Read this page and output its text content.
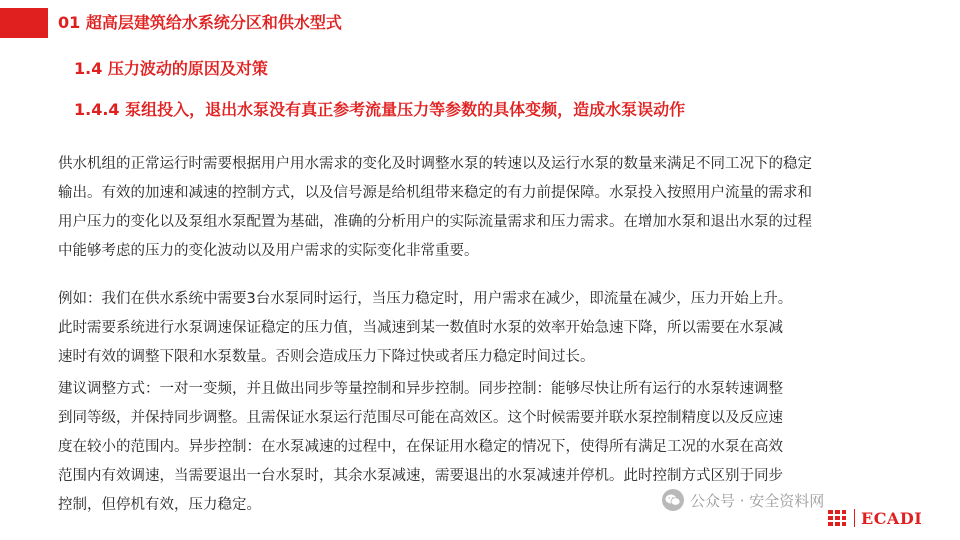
01 超高层建筑给水系统分区和供水型式
1.4 压力波动的原因及对策
1.4.4 泵组投入，退出水泵没有真正参考流量压力等参数的具体变频，造成水泵误动作
供水机组的正常运行时需要根据用户用水需求的变化及时调整水泵的转速以及运行水泵的数量来满足不同工况下的稳定
输出。有效的加速和减速的控制方式，以及信号源是给机组带来稳定的有力前提保障。水泵投入按照用户流量的需求和
用户压力的变化以及泵组水泵配置为基础，准确的分析用户的实际流量需求和压力需求。在增加水泵和退出水泵的过程
中能够考虑的压力的变化波动以及用户需求的实际变化非常重要。
例如：我们在供水系统中需要3台水泵同时运行，当压力稳定时，用户需求在减少，即流量在减少，压力开始上升。
此时需要系统进行水泵调速保证稳定的压力值，当减速到某一数值时水泵的效率开始急速下降，所以需要在水泵减
速时有效的调整下限和水泵数量。否则会造成压力下降过快或者压力稳定时间过长。
建议调整方式：一对一变频，并且做出同步等量控制和异步控制。同步控制：能够尽快让所有运行的水泵转速调整
到同等级，并保持同步调整。且需保证水泵运行范围尽可能在高效区。这个时候需要并联水泵控制精度以及反应速
度在较小的范围内。异步控制：在水泵减速的过程中，在保证用水稳定的情况下，使得所有满足工况的水泵在高效
范围内有效调速，当需要退出一台水泵时，其余水泵减速，需要退出的水泵减速并停机。此时控制方式区别于同步
控制，但停机有效，压力稳定。	公众号 · 安全资料网
ECADI
